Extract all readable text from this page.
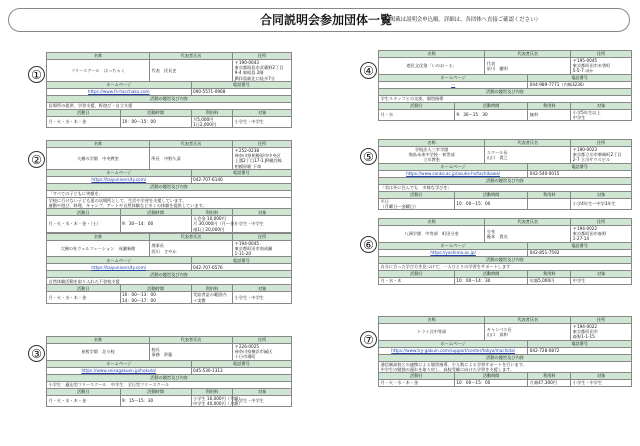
合同説明会参加団体一覧
（※掲載は説明会申込順。詳細は、各団体へ直接ご確認ください）
①
名称		代表者氏名		住所
フリースクール　はっちゃく		代表　民長史		〒190-0043
東京都昭島市武蔵野2丁目
9-4 東昭島 2階
JR拝島駅北口徒歩7分
ホームページ			電話番号	
https://www.fs-hacchaku.com			090-5571-0968	
活動の趣旨及び内容				
居場所の提供、学習支援、野遊び・自立支援				
活動日	活動時間		利用料	対象
月・火・水・木・金	10：00〜15：00		月5,000円
1日2,000円	小学生・中学生
②
名称		代表者氏名		住所
大樹の学園　中央教室		所長　中野久清		〒252-0238
神奈川県相模原市中央区
上溝2丁目17-1 JR横浜線
相模原駅 下車
ホームページ			電話番号	
https://taiyuniversity.com/			042-707-6140	
活動の趣旨及び内容				
「すべての子どもに笑顔を」				
学校に行けない子ども達の居場所として、生活や学習を支援しています。
運動や遊び、料理、キャンプ、アートや自然体験など多くの体験を提供しています。				
活動日	活動時間		利用料	対象
月・火・水・木・金・（土）	9：30〜14：00		入会金 10,000円
月 30,000円（月〜金）
週1日 20,000円	小学生・中学生
名称		代表者氏名		住所
大樹の杜ウェルフェーション　成瀬新館		理事長
西川　さやか		〒194-0045
東京都町田市南成瀬
1-11-20
ホームページ			電話番号	
https://taiyuniversity.com/			042-707-6576	
活動の趣旨及び内容				
自然体験活動を取り入れた不登校支援				
活動日	活動時間		利用料	対象
月・火・水・木・金	10：00〜13：00
14：00〜17：00		受給者証の範囲内
＋実費	小学生・中学生
③
名称		代表者氏名		住所
星槎学園　北斗校		校長
事務　鈴藤		〒226-0025
神奈川県横浜市緑区
十日市場町
ホームページ			電話番号	
https://www.seisagakuen.jp/hokuto/			045-530-1313	
活動の趣旨及び内容				
小学生：適応型フリースクール　中学生：全日型フリースクール				
活動日	活動時間		利用料	対象
月・火・水・木・金	9：15〜15：30		小学生 16,000円（月額）
中学生 40,000円（月額）	小学生・中学生
④
名称		代表者氏名		住所
遊民文化塾「いのおーる」		代表
星川　慶明		〒195-0045
東京都町田市木曽町
5-5-7 ほか
ホームページ			電話番号	
ー			044-989-7771（内線3236）	
活動の趣旨及び内容				
学生スタッフとの交流、個別指導				
活動日	活動時間		利用料	対象
月・水	9：30〜15：30		無料	小学5年生以上
中学生
⑤
名称		代表者氏名		住所
学校法人三幸学園
飛鳥未来中学校・初等部
立川教室		スクール長
山口　貴之		〒190-0023
東京都立川市柴崎町2丁目
2-7 立川サウスビル
ホームページ			電話番号	
https://www.sanko.ac.jp/asuka-hs/tachikawa/			042-540-0015	
活動の趣旨及び内容				
「君は外に住んでも　多様な学びを」				
活動日	活動時間		利用料	対象
平日
（月曜日〜金曜日）	10：00〜15：00			小学4年生〜中学3年生
⑥
名称		代表者氏名		住所
八洲学園　中等部　町田分室		分室
藤本　貴光		〒194-0022
東京都町田市森野
1-27-14
ホームページ			電話番号	
https://yashima.ac.jp/			042-851-7592	
活動の趣旨及び内容				
自分に合った学び方を見つけて、一人ひとりの学習をサポートします				
活動日	活動時間		利用料	対象
月・水・木	10：00〜14：30		年額5,000円	中学生
⑦
名称		代表者氏名		住所
トライ式中等部		キャンパス長
山口　真和		〒194-0022
東京都町田市
森野1-1-15
ホームページ			電話番号	
https://www.try-gakuin.com/support/center/tokyo/machida/			042-728-0872	
活動の趣旨及び内容				
通信制高校との連携による個別指導、少人数による学習サポートを行います。
中学生の勉強の遅れを取り戻し、高校受験に向けた学習を支援します。				
活動日	活動時間		利用料	対象
月・火・水・木・金	10：00〜15：00		月額47,300円	小学生・中学生
